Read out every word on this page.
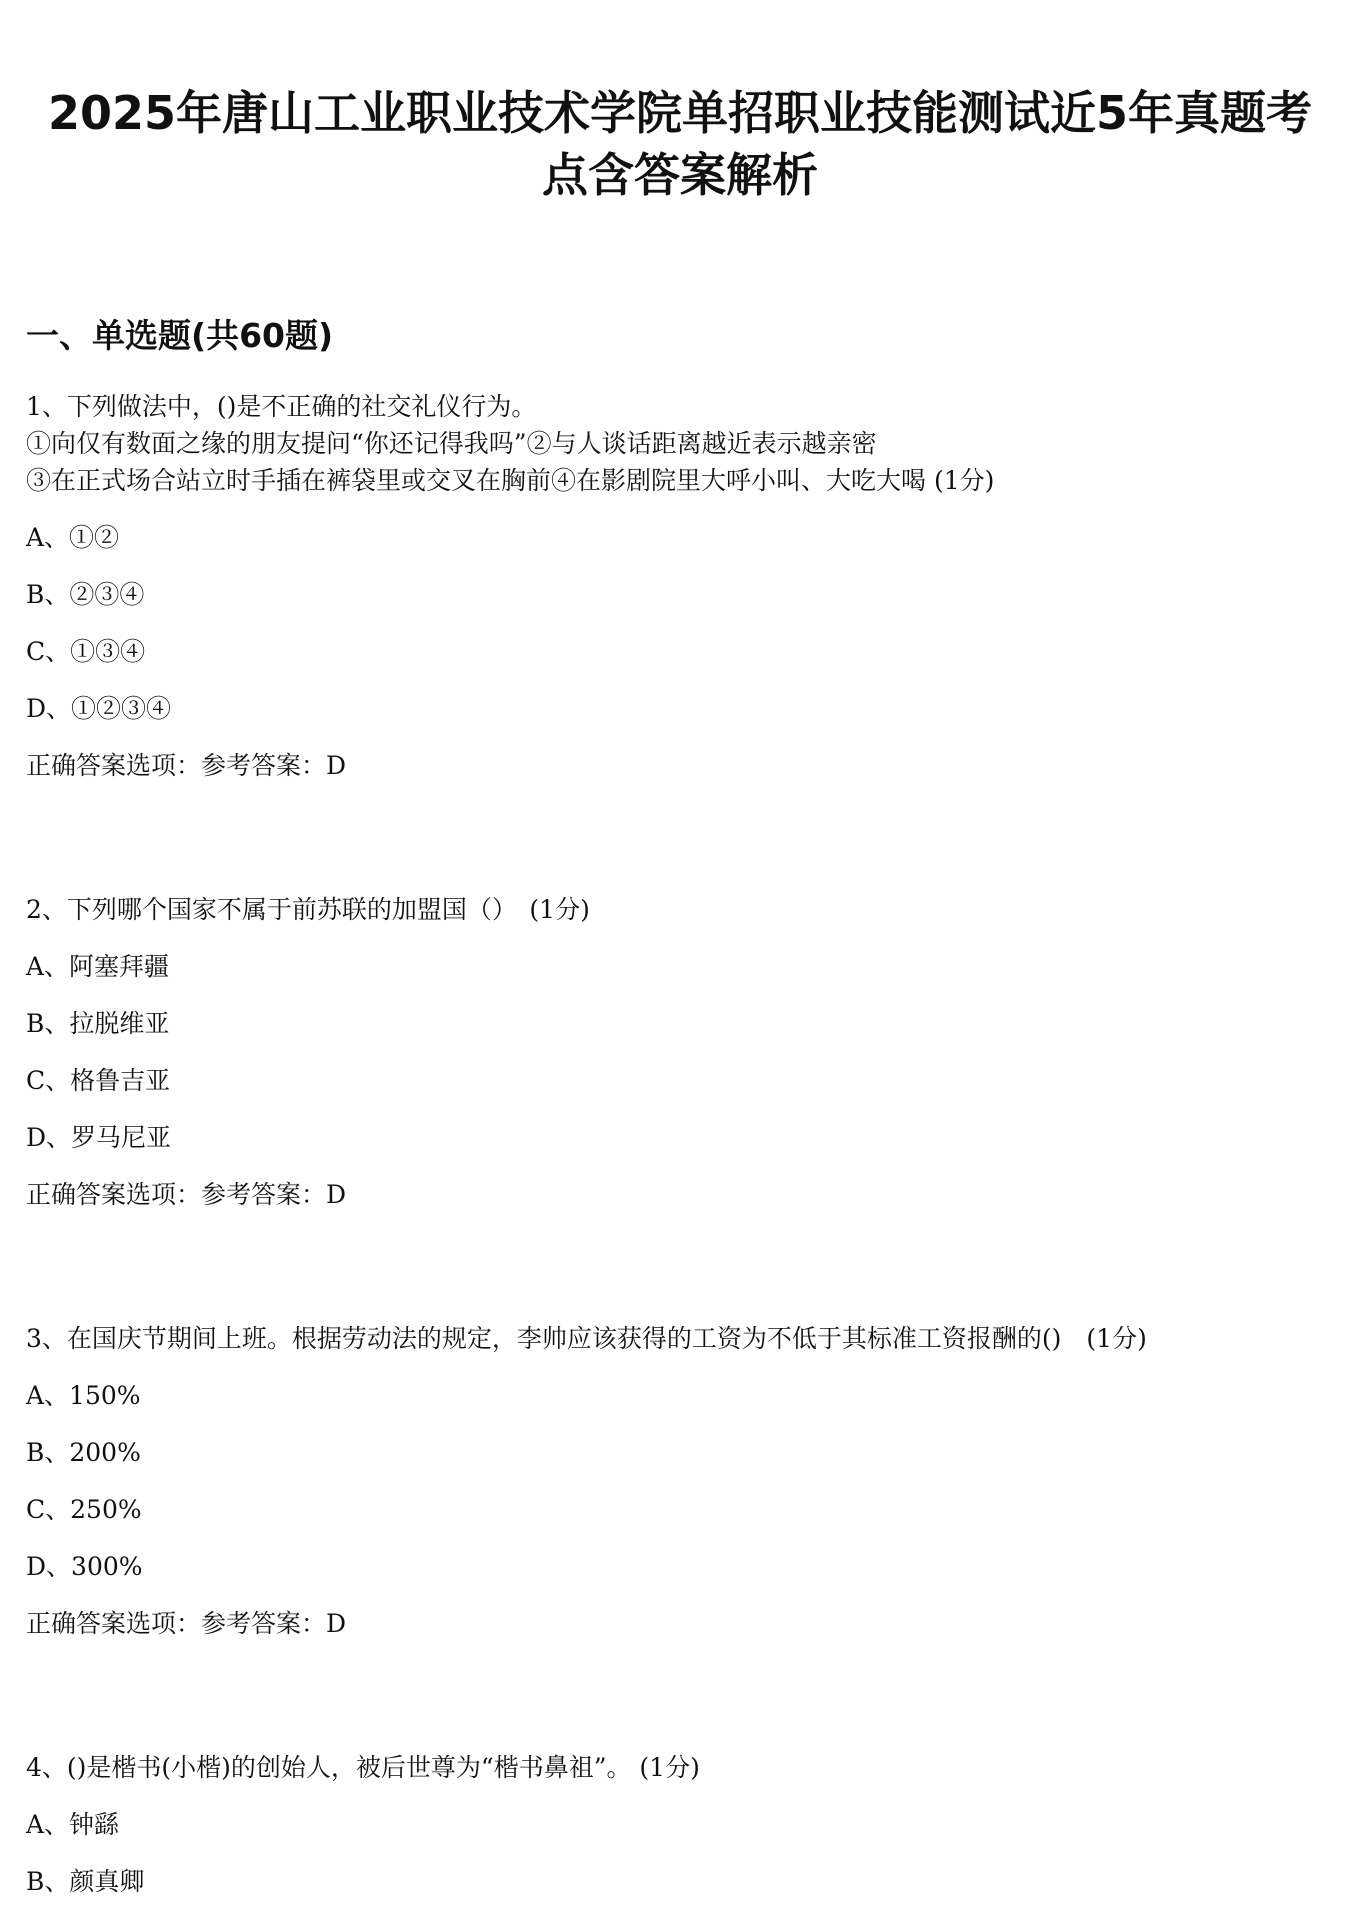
2025年唐山工业职业技术学院单招职业技能测试近5年真题考
点含答案解析
一、单选题(共60题)
1、下列做法中，()是不正确的社交礼仪行为。
①向仅有数面之缘的朋友提问“你还记得我吗”②与人谈话距离越近表示越亲密
③在正式场合站立时手插在裤袋里或交叉在胸前④在影剧院里大呼小叫、大吃大喝 (1分)
A、①②
B、②③④
C、①③④
D、①②③④
正确答案选项：参考答案：D
2、下列哪个国家不属于前苏联的加盟国（）　(1分)
A、阿塞拜疆
B、拉脱维亚
C、格鲁吉亚
D、罗马尼亚
正确答案选项：参考答案：D
3、在国庆节期间上班。根据劳动法的规定，李帅应该获得的工资为不低于其标准工资报酬的()　(1分)
A、150%
B、200%
C、250%
D、300%
正确答案选项：参考答案：D
4、()是楷书(小楷)的创始人，被后世尊为“楷书鼻祖”。 (1分)
A、钟繇
B、颜真卿
